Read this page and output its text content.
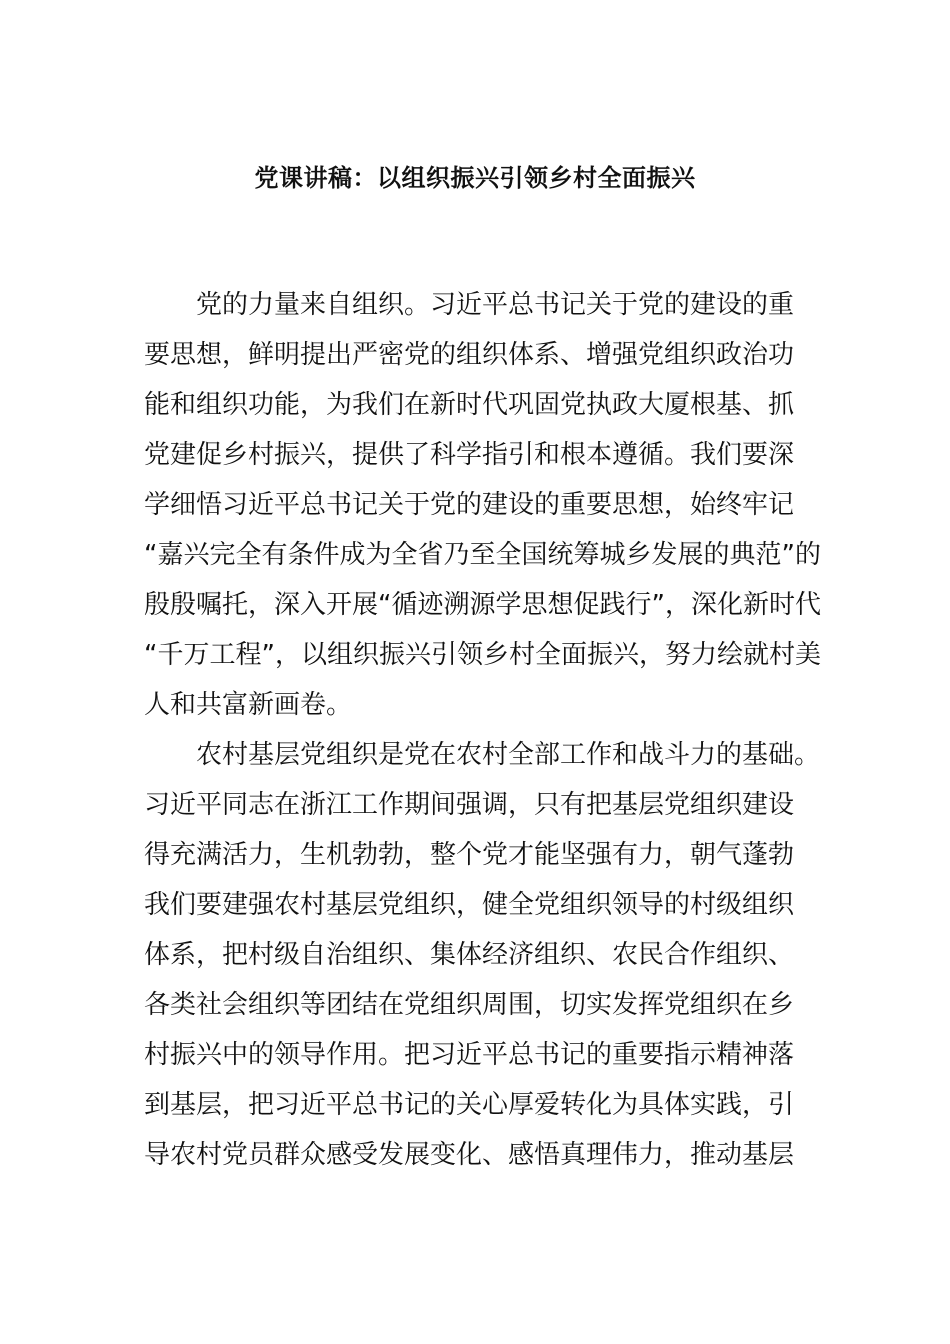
党课讲稿：以组织振兴引领乡村全面振兴
党的力量来自组织。习近平总书记关于党的建设的重
要思想，鲜明提出严密党的组织体系、增强党组织政治功
能和组织功能，为我们在新时代巩固党执政大厦根基、抓
党建促乡村振兴，提供了科学指引和根本遵循。我们要深
学细悟习近平总书记关于党的建设的重要思想，始终牢记
“嘉兴完全有条件成为全省乃至全国统筹城乡发展的典范”的
殷殷嘱托，深入开展“循迹溯源学思想促践行”，深化新时代
“千万工程”，以组织振兴引领乡村全面振兴，努力绘就村美
人和共富新画卷。
农村基层党组织是党在农村全部工作和战斗力的基础。
习近平同志在浙江工作期间强调，只有把基层党组织建设
得充满活力，生机勃勃，整个党才能坚强有力，朝气蓬勃
我们要建强农村基层党组织，健全党组织领导的村级组织
体系，把村级自治组织、集体经济组织、农民合作组织、
各类社会组织等团结在党组织周围，切实发挥党组织在乡
村振兴中的领导作用。把习近平总书记的重要指示精神落
到基层，把习近平总书记的关心厚爱转化为具体实践，引
导农村党员群众感受发展变化、感悟真理伟力，推动基层
